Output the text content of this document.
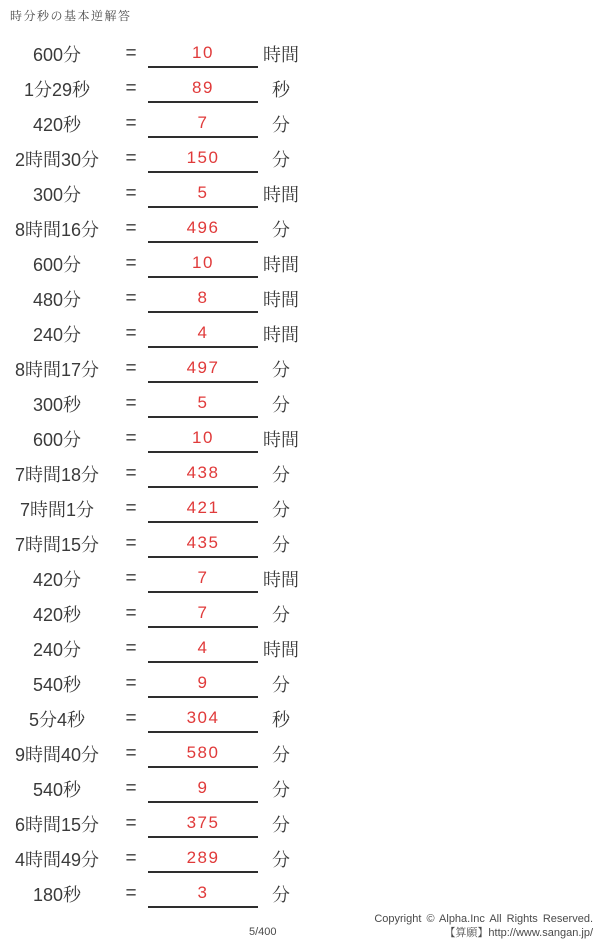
時分秒の基本逆解答
600分	=	10	時間
1分29秒	=	89	秒
420秒	=	7	分
2時間30分	=	150	分
300分	=	5	時間
8時間16分	=	496	分
600分	=	10	時間
480分	=	8	時間
240分	=	4	時間
8時間17分	=	497	分
300秒	=	5	分
600分	=	10	時間
7時間18分	=	438	分
7時間1分	=	421	分
7時間15分	=	435	分
420分	=	7	時間
420秒	=	7	分
240分	=	4	時間
540秒	=	9	分
5分4秒	=	304	秒
9時間40分	=	580	分
540秒	=	9	分
6時間15分	=	375	分
4時間49分	=	289	分
180秒	=	3	分
5/400
Copyright © Alpha.Inc All Rights Reserved.
【算願】http://www.sangan.jp/
